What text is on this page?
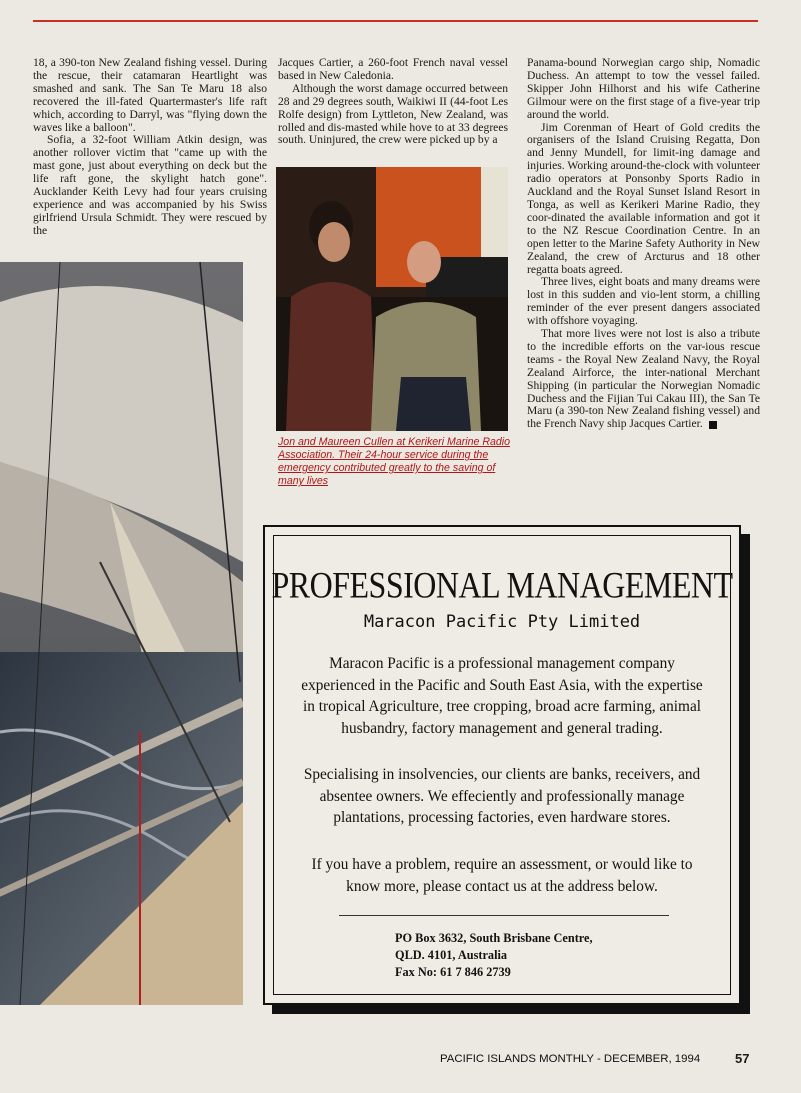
18, a 390-ton New Zealand fishing vessel. During the rescue, their catamaran Heartlight was smashed and sank. The San Te Maru 18 also recovered the ill-fated Quartermaster's life raft which, according to Darryl, was "flying down the waves like a balloon".

Sofia, a 32-foot William Atkin design, was another rollover victim that "came up with the mast gone, just about everything on deck but the life raft gone, the skylight hatch gone". Aucklander Keith Levy had four years cruising experience and was accompanied by his Swiss girlfriend Ursula Schmidt. They were rescued by the

Jacques Cartier, a 260-foot French naval vessel based in New Caledonia.

Although the worst damage occurred between 28 and 29 degrees south, Waikiwi II (44-foot Les Rolfe design) from Lyttleton, New Zealand, was rolled and dis-masted while hove to at 33 degrees south. Uninjured, the crew were picked up by a

Panama-bound Norwegian cargo ship, Nomadic Duchess. An attempt to tow the vessel failed. Skipper John Hilhorst and his wife Catherine Gilmour were on the first stage of a five-year trip around the world.

Jim Corenman of Heart of Gold credits the organisers of the Island Cruising Regatta, Don and Jenny Mundell, for limit-ing damage and injuries. Working around-the-clock with volunteer radio operators at Ponsonby Sports Radio in Auckland and the Royal Sunset Island Resort in Tonga, as well as Kerikeri Marine Radio, they coor-dinated the available information and got it to the NZ Rescue Coordination Centre. In an open letter to the Marine Safety Authority in New Zealand, the crew of Arcturus and 18 other regatta boats agreed.

Three lives, eight boats and many dreams were lost in this sudden and vio-lent storm, a chilling reminder of the ever present dangers associated with offshore voyaging.

That more lives were not lost is also a tribute to the incredible efforts on the var-ious rescue teams - the Royal New Zealand Navy, the Royal Zealand Airforce, the inter-national Merchant Shipping (in particular the Norwegian Nomadic Duchess and the Fijian Tui Cakau III), the San Te Maru (a 390-ton New Zealand fishing vessel) and the French Navy ship Jacques Cartier.

Jon and Maureen Cullen at Kerikeri Marine Radio Association. Their 24-hour service during the emergency contributed greatly to the saving of many lives
PROFESSIONAL MANAGEMENT
Maracon Pacific Pty Limited
Maracon Pacific is a professional management company experienced in the Pacific and South East Asia, with the expertise in tropical Agriculture, tree cropping, broad acre farming, animal husbandry, factory management and general trading.
Specialising in insolvencies, our clients are banks, receivers, and absentee owners. We effeciently and professionally manage plantations, processing factories, even hardware stores.
If you have a problem, require an assessment, or would like to know more, please contact us at the address below.
PO Box 3632, South Brisbane Centre,
QLD. 4101, Australia
Fax No: 61 7 846 2739
PACIFIC ISLANDS MONTHLY - DECEMBER, 1994	57
